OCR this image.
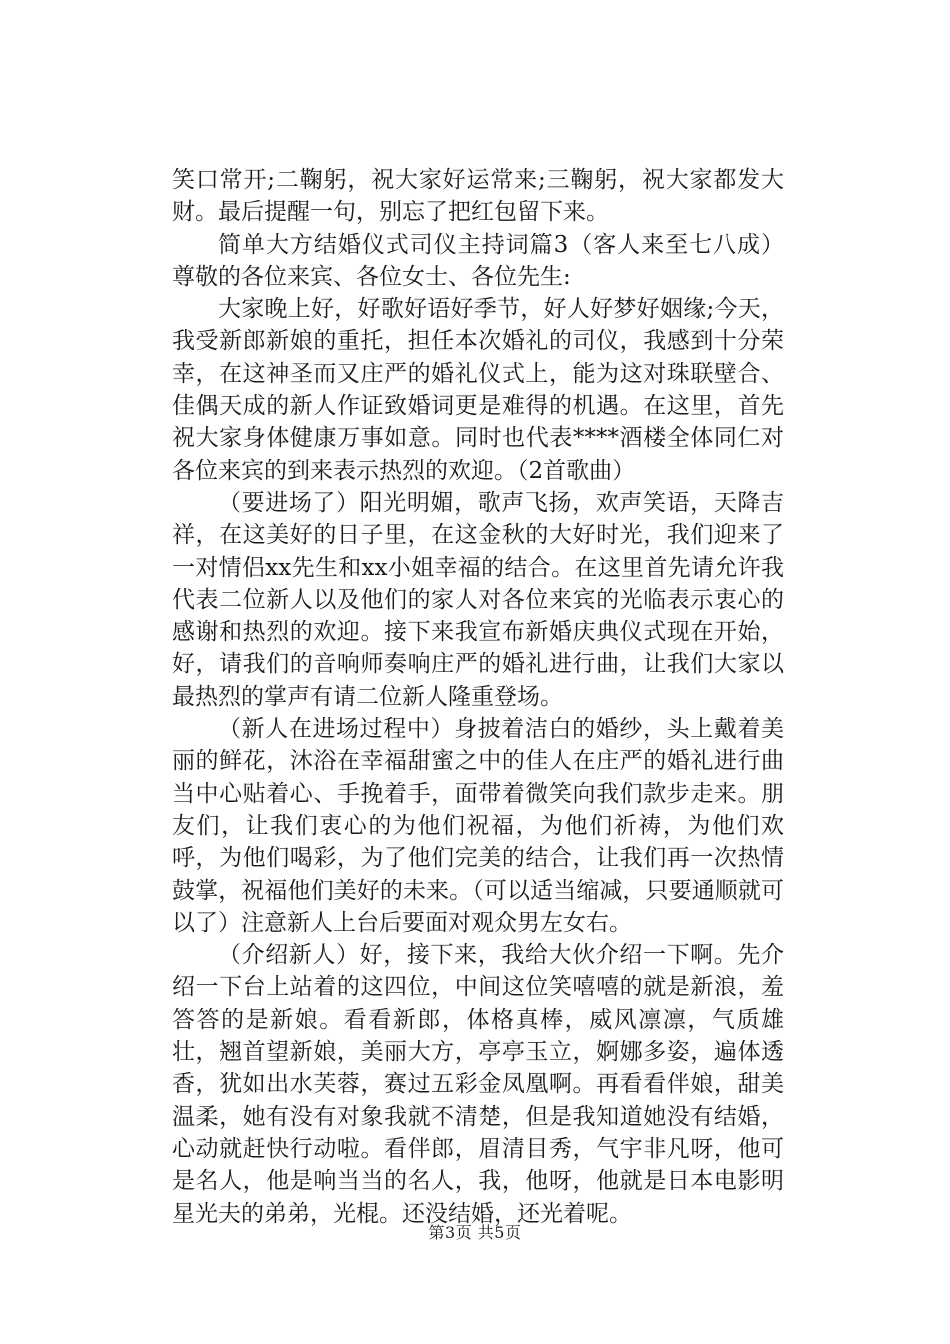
笑口常开;二鞠躬，祝大家好运常来;三鞠躬，祝大家都发大财。最后提醒一句，别忘了把红包留下来。

简单大方结婚仪式司仪主持词篇3（客人来至七八成）尊敬的各位来宾、各位女士、各位先生:

大家晚上好，好歌好语好季节，好人好梦好姻缘;今天，我受新郎新娘的重托，担任本次婚礼的司仪，我感到十分荣幸，在这神圣而又庄严的婚礼仪式上，能为这对珠联壁合、佳偶天成的新人作证致婚词更是难得的机遇。在这里，首先祝大家身体健康万事如意。同时也代表****酒楼全体同仁对各位来宾的到来表示热烈的欢迎。（2首歌曲）

（要进场了）阳光明媚，歌声飞扬，欢声笑语，天降吉祥，在这美好的日子里，在这金秋的大好时光，我们迎来了一对情侣xx先生和xx小姐幸福的结合。在这里首先请允许我代表二位新人以及他们的家人对各位来宾的光临表示衷心的感谢和热烈的欢迎。接下来我宣布新婚庆典仪式现在开始，好，请我们的音响师奏响庄严的婚礼进行曲，让我们大家以最热烈的掌声有请二位新人隆重登场。

（新人在进场过程中）身披着洁白的婚纱，头上戴着美丽的鲜花，沐浴在幸福甜蜜之中的佳人在庄严的婚礼进行曲当中心贴着心、手挽着手，面带着微笑向我们款步走来。朋友们，让我们衷心的为他们祝福，为他们祈祷，为他们欢呼，为他们喝彩，为了他们完美的结合，让我们再一次热情鼓掌，祝福他们美好的未来。（可以适当缩减，只要通顺就可以了）注意新人上台后要面对观众男左女右。

（介绍新人）好，接下来，我给大伙介绍一下啊。先介绍一下台上站着的这四位，中间这位笑嘻嘻的就是新浪，羞答答的是新娘。看看新郎，体格真棒，威风凛凛，气质雄壮，翘首望新娘，美丽大方，亭亭玉立，婀娜多姿，遍体透香，犹如出水芙蓉，赛过五彩金凤凰啊。再看看伴娘，甜美温柔，她有没有对象我就不清楚，但是我知道她没有结婚，心动就赶快行动啦。看伴郎，眉清目秀，气宇非凡呀，他可是名人，他是响当当的名人，我，他呀，他就是日本电影明星光夫的弟弟，光棍。还没结婚，还光着呢。

第3页 共5页
